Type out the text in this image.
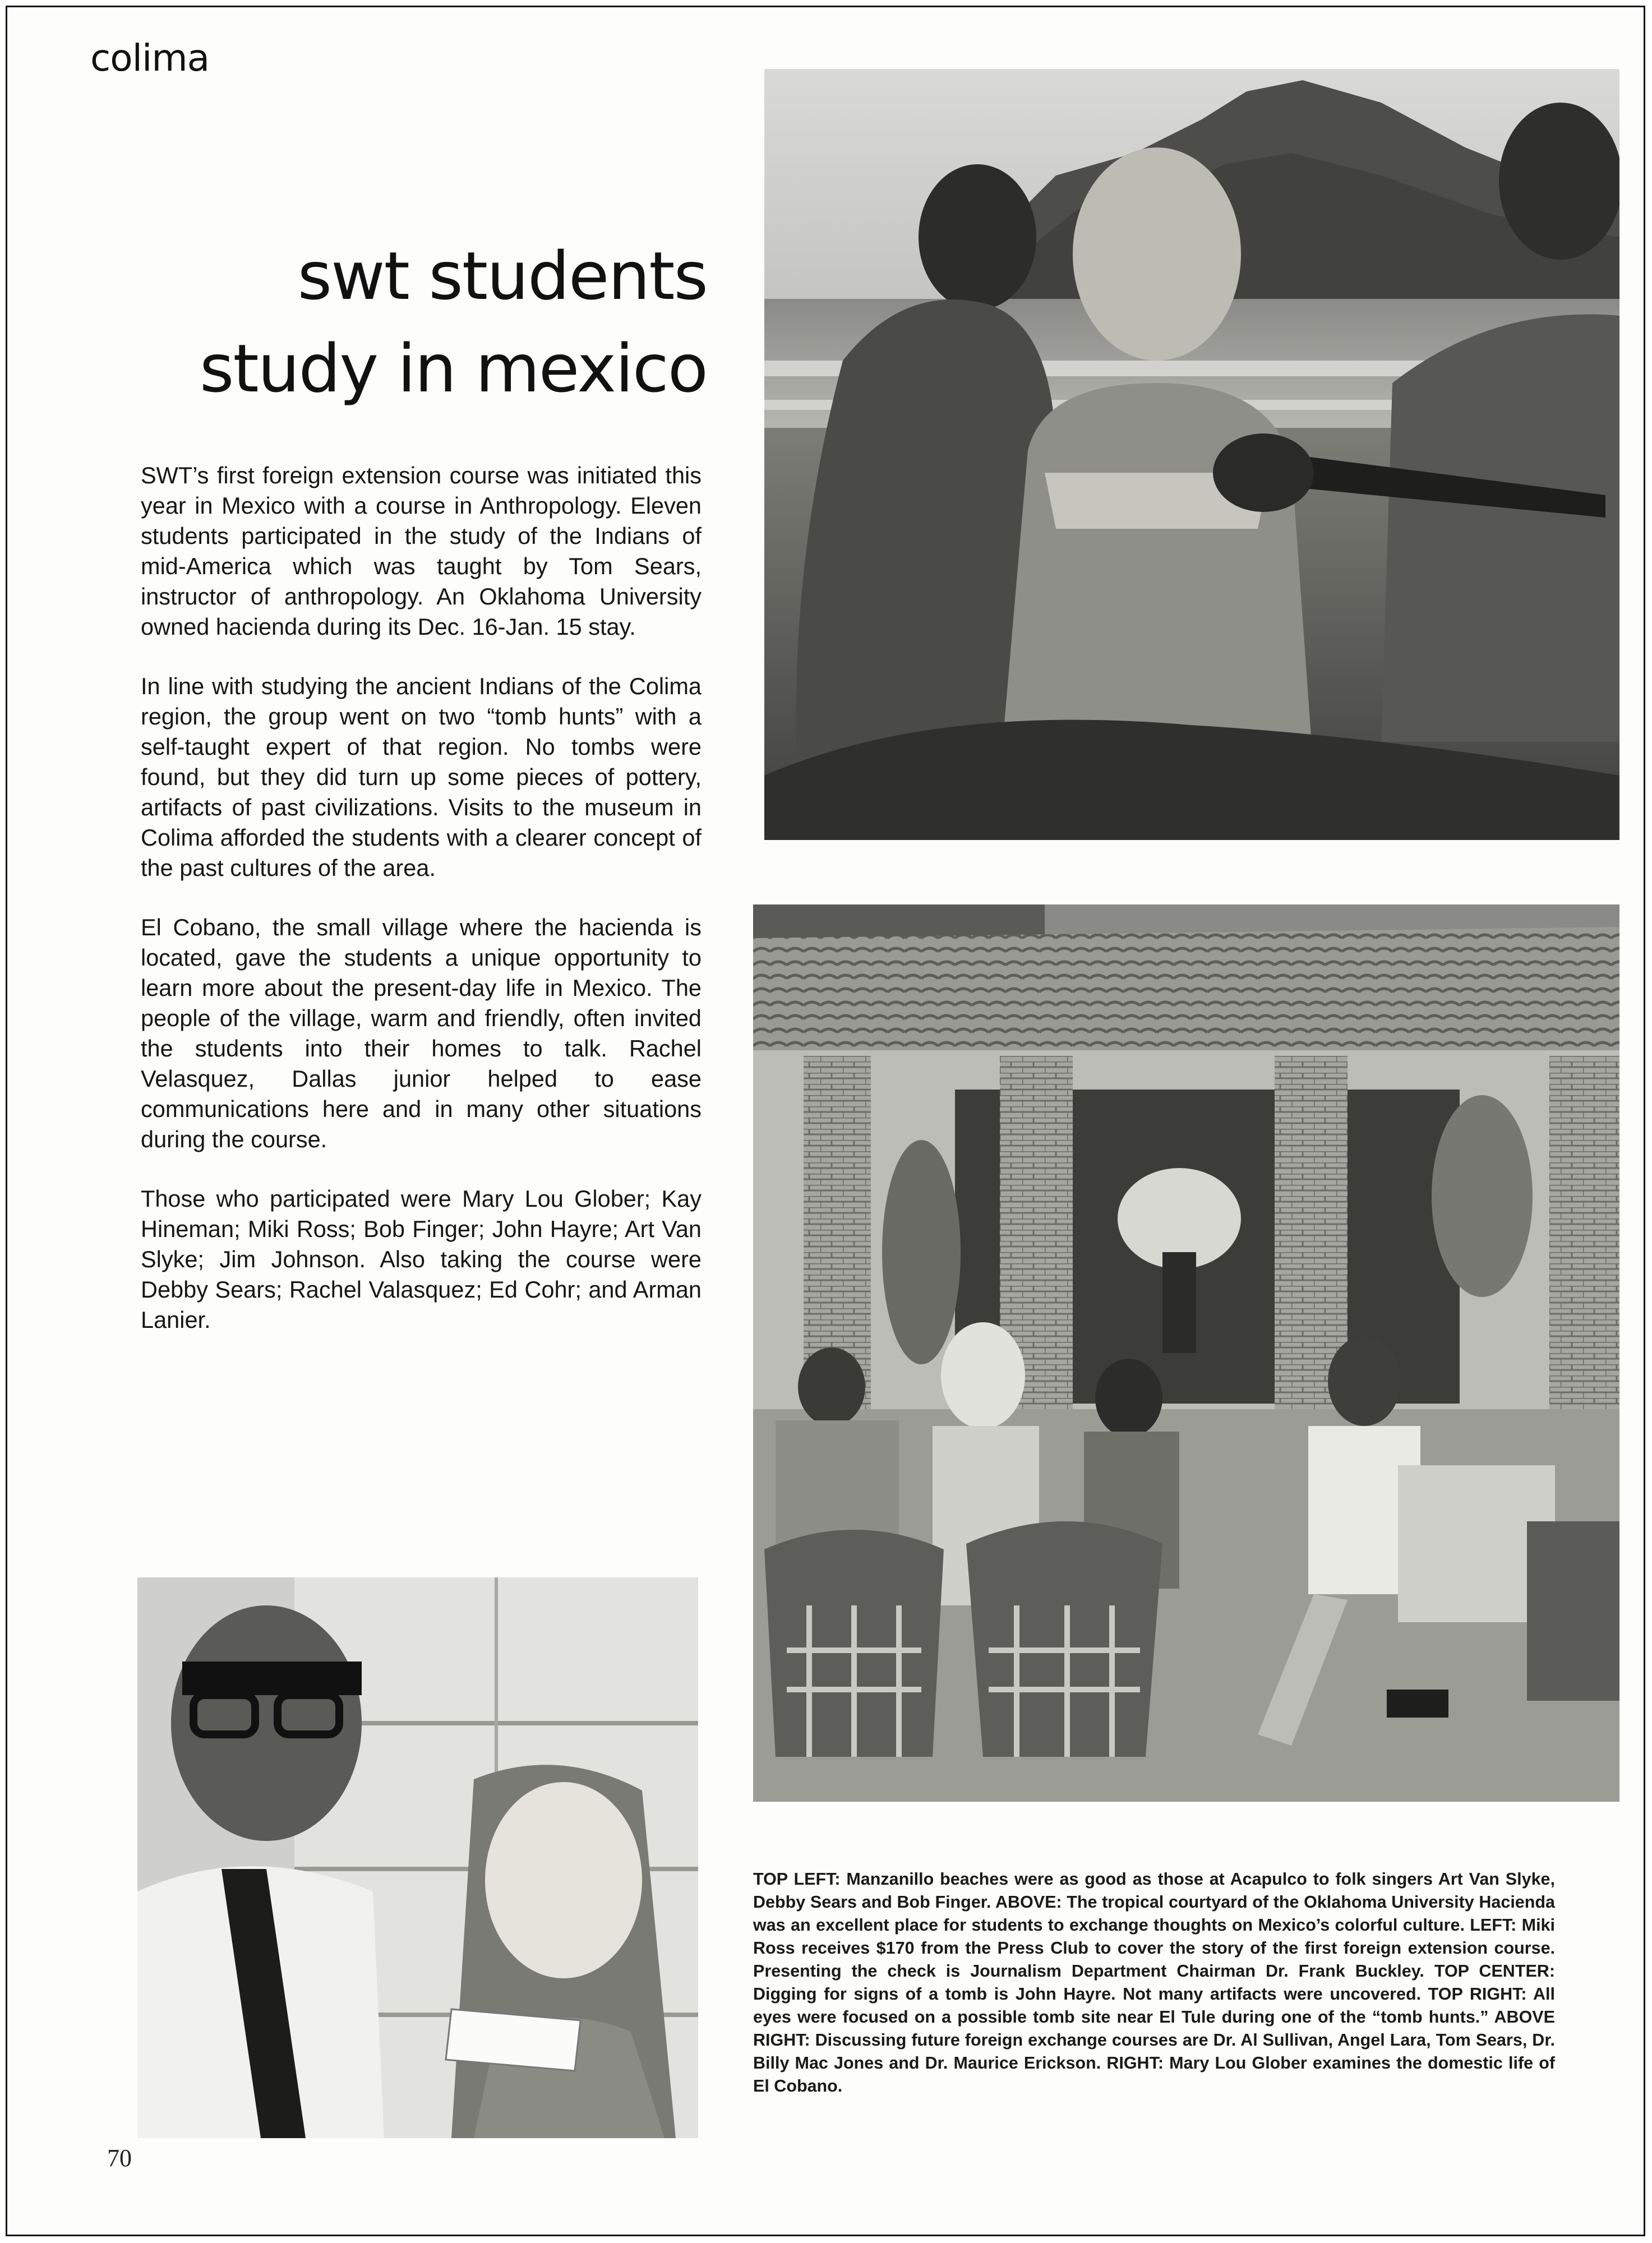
colima
swt students
study in mexico

SWT’s first foreign extension course was initiated this year in Mexico with a course in Anthropology. Eleven students participated in the study of the Indians of mid-America which was taught by Tom Sears, instructor of anthropology. An Oklahoma University owned hacienda during its Dec. 16-Jan. 15 stay.

In line with studying the ancient Indians of the Colima region, the group went on two “tomb hunts” with a self-taught expert of that region. No tombs were found, but they did turn up some pieces of pottery, artifacts of past civilizations. Visits to the museum in Colima afforded the students with a clearer concept of the past cultures of the area.

El Cobano, the small village where the hacienda is located, gave the students a unique opportunity to learn more about the present-day life in Mexico. The people of the village, warm and friendly, often invited the students into their homes to talk. Rachel Velasquez, Dallas junior helped to ease communications here and in many other situations during the course.

Those who participated were Mary Lou Glober; Kay Hineman; Miki Ross; Bob Finger; John Hayre; Art Van Slyke; Jim Johnson. Also taking the course were Debby Sears; Rachel Valasquez; Ed Cohr; and Arman Lanier.

TOP LEFT: Manzanillo beaches were as good as those at Acapulco to folk singers Art Van Slyke, Debby Sears and Bob Finger. ABOVE: The tropical courtyard of the Oklahoma University Hacienda was an excellent place for students to exchange thoughts on Mexico’s colorful culture. LEFT: Miki Ross receives $170 from the Press Club to cover the story of the first foreign extension course. Presenting the check is Journalism Department Chairman Dr. Frank Buckley. TOP CENTER: Digging for signs of a tomb is John Hayre. Not many artifacts were uncovered. TOP RIGHT: All eyes were focused on a possible tomb site near El Tule during one of the “tomb hunts.” ABOVE RIGHT: Discussing future foreign exchange courses are Dr. Al Sullivan, Angel Lara, Tom Sears, Dr. Billy Mac Jones and Dr. Maurice Erickson. RIGHT: Mary Lou Glober examines the domestic life of El Cobano.

70
